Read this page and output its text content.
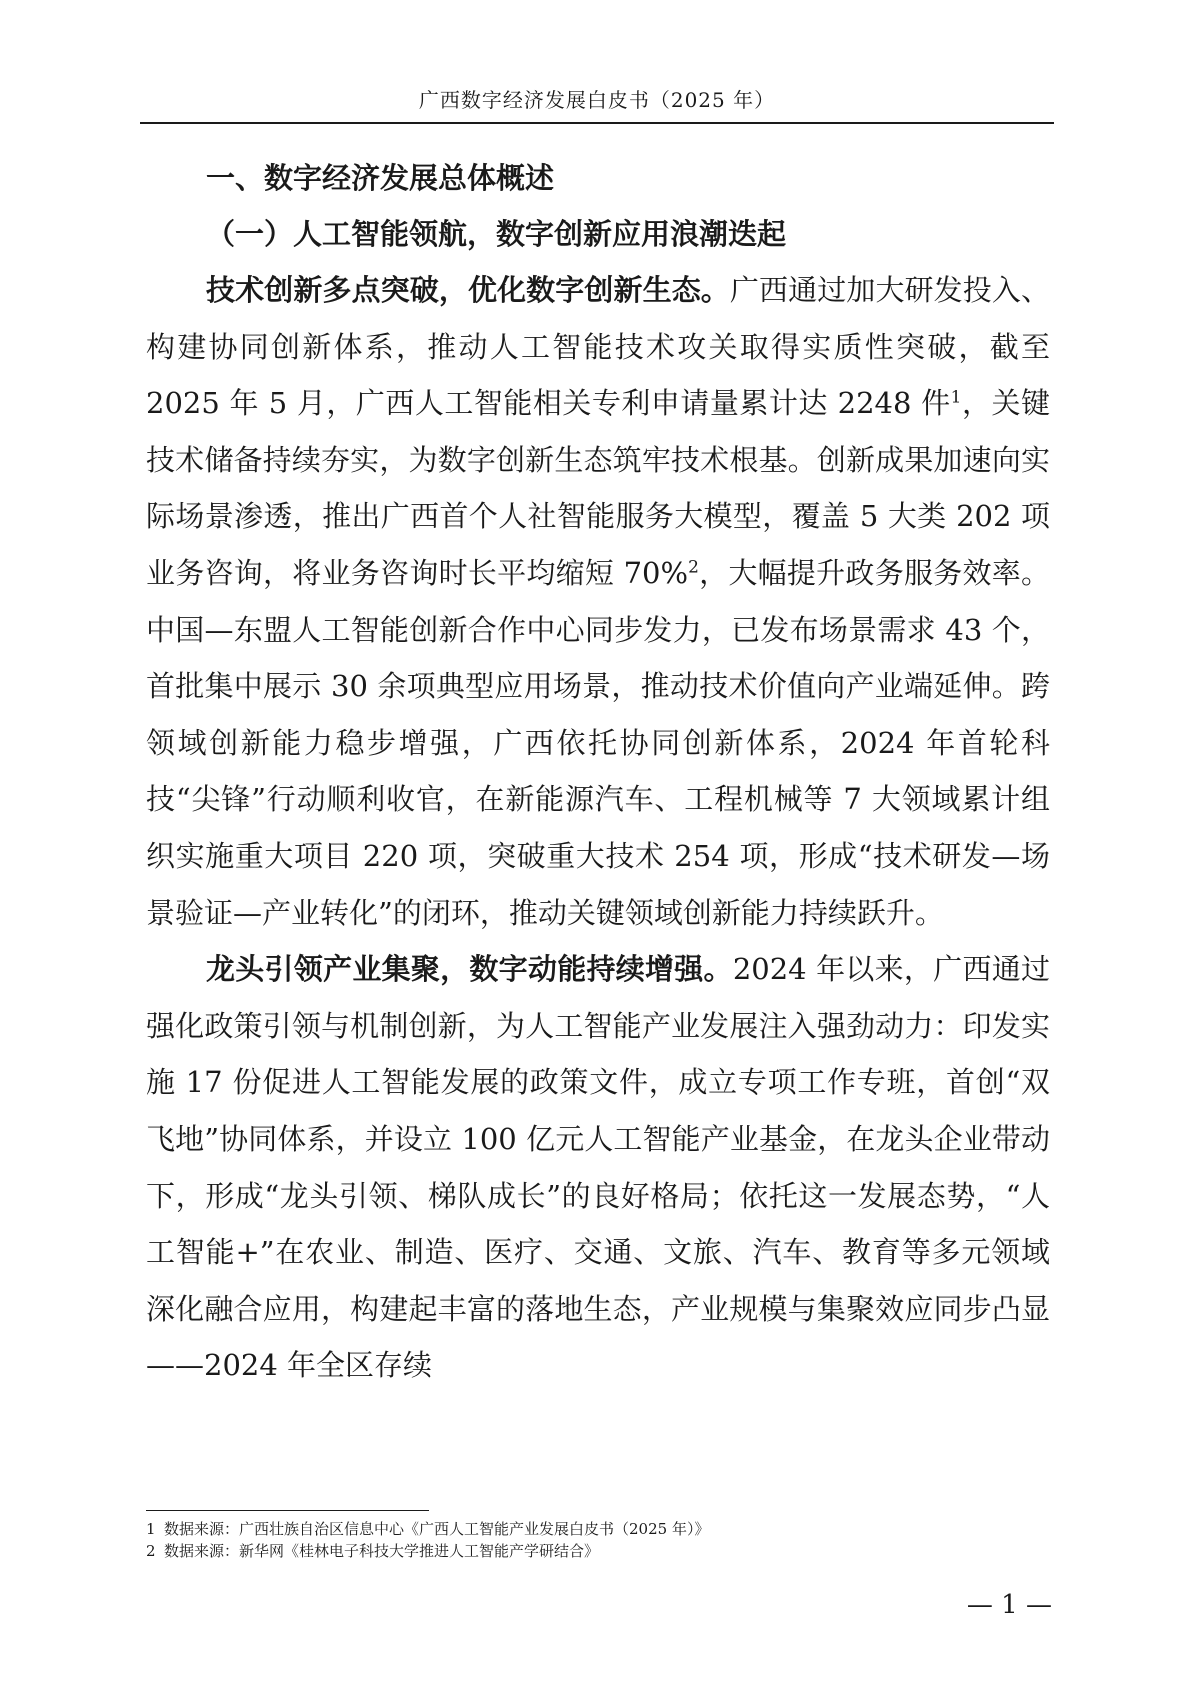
广西数字经济发展白皮书（2025 年）

一、数字经济发展总体概述

（一）人工智能领航，数字创新应用浪潮迭起

技术创新多点突破，优化数字创新生态。广西通过加大研发投入、构建协同创新体系，推动人工智能技术攻关取得实质性突破，截至 2025 年 5 月，广西人工智能相关专利申请量累计达 2248 件$^1$，关键技术储备持续夯实，为数字创新生态筑牢技术根基。创新成果加速向实际场景渗透，推出广西首个人社智能服务大模型，覆盖 5 大类 202 项业务咨询，将业务咨询时长平均缩短 70%$^2$，大幅提升政务服务效率。中国—东盟人工智能创新合作中心同步发力，已发布场景需求 43 个，首批集中展示 30 余项典型应用场景，推动技术价值向产业端延伸。跨领域创新能力稳步增强，广西依托协同创新体系，2024 年首轮科技“尖锋”行动顺利收官，在新能源汽车、工程机械等 7 大领域累计组织实施重大项目 220 项，突破重大技术 254 项，形成“技术研发—场景验证—产业转化”的闭环，推动关键领域创新能力持续跃升。

龙头引领产业集聚，数字动能持续增强。2024 年以来，广西通过强化政策引领与机制创新，为人工智能产业发展注入强劲动力：印发实施 17 份促进人工智能发展的政策文件，成立专项工作专班，首创“双飞地”协同体系，并设立 100 亿元人工智能产业基金，在龙头企业带动下，形成“龙头引领、梯队成长”的良好格局；依托这一发展态势，“人工智能+”在农业、制造、医疗、交通、文旅、汽车、教育等多元领域深化融合应用，构建起丰富的落地生态，产业规模与集聚效应同步凸显——2024 年全区存续

1 数据来源：广西壮族自治区信息中心《广西人工智能产业发展白皮书（2025 年）》

2 数据来源：新华网《桂林电子科技大学推进人工智能产学研结合》

— 1 —
